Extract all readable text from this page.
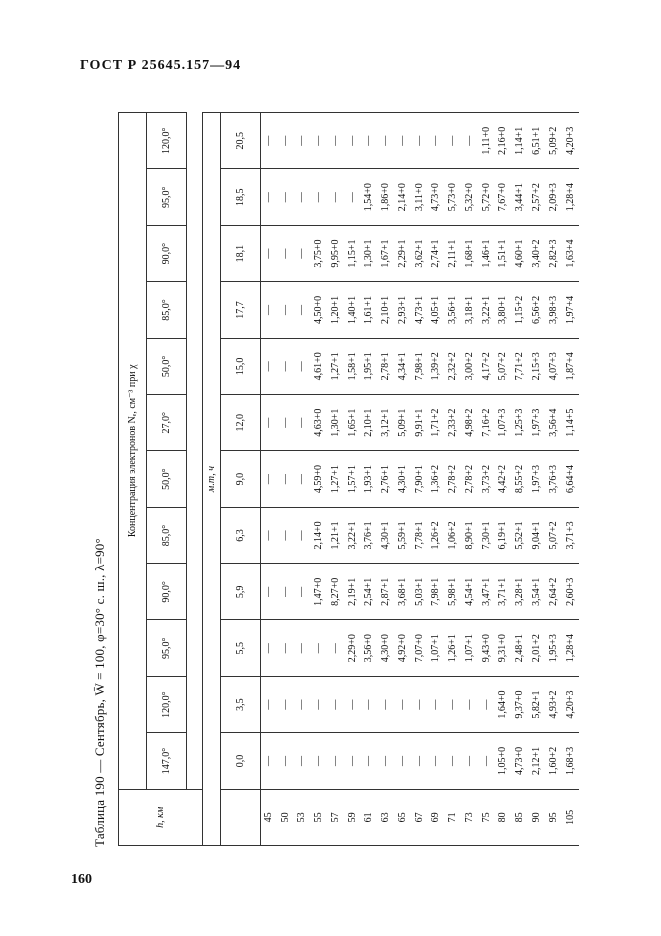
ГОСТ Р 25645.157—94
Таблица 190 — Сентябрь, W̄ = 100, φ=30° с. ш., λ=90°	h, км	Концентрация электронов Nₑ, см⁻³ при χ											
	147,0°	120,0°	95,0°	90,0°	85,0°	50,0°	27,0°	50,0°	85,0°	90,0°	95,0°	120,0°

м.т, ч												
	0,0	3,5	5,5	5,9	6,3	9,0	12,0	15,0	17,7	18,1	18,5	20,5
45	—	—	—	—	—	—	—	—	—	—	—	—
50	—	—	—	—	—	—	—	—	—	—	—	—
53	—	—	—	—	—	—	—	—	—	—	—	—
55	—	—	—	1,47+0	2,14+0	4,59+0	4,63+0	4,61+0	4,50+0	3,75+0	—	—
57	—	—	—	8,27+0	1,21+1	1,27+1	1,30+1	1,27+1	1,20+1	9,95+0	—	—
59	—	—	2,29+0	2,19+1	3,22+1	1,57+1	1,65+1	1,58+1	1,40+1	1,15+1	—	—
61	—	—	3,56+0	2,54+1	3,76+1	1,93+1	2,10+1	1,95+1	1,61+1	1,30+1	1,54+0	—
63	—	—	4,30+0	2,87+1	4,30+1	2,76+1	3,12+1	2,78+1	2,10+1	1,67+1	1,86+0	—
65	—	—	4,92+0	3,68+1	5,59+1	4,30+1	5,09+1	4,34+1	2,93+1	2,29+1	2,14+0	—
67	—	—	7,07+0	5,03+1	7,78+1	7,90+1	9,91+1	7,98+1	4,73+1	3,62+1	3,11+0	—
69	—	—	1,07+1	7,98+1	1,26+2	1,36+2	1,71+2	1,39+2	4,05+1	2,74+1	4,73+0	—
71	—	—	1,26+1	5,98+1	1,06+2	2,78+2	2,33+2	2,32+2	3,56+1	2,11+1	5,73+0	—
73	—	—	1,07+1	4,54+1	8,90+1	2,78+2	4,98+2	3,00+2	3,18+1	1,68+1	5,32+0	—
75	—	—	9,43+0	3,47+1	7,30+1	3,73+2	7,16+2	4,17+2	3,22+1	1,46+1	5,72+0	1,11+0
80	1,05+0	1,64+0	9,31+0	3,71+1	6,19+1	4,42+2	1,07+3	5,07+2	3,80+1	1,51+1	7,67+0	2,16+0
85	4,73+0	9,37+0	2,48+1	3,28+1	5,52+1	8,55+2	1,25+3	7,71+2	1,15+2	4,60+1	3,44+1	1,14+1
90	2,12+1	5,82+1	2,01+2	3,54+1	9,04+1	1,97+3	1,97+3	2,15+3	6,56+2	3,40+2	2,57+2	6,51+1
95	1,60+2	4,93+2	1,95+3	2,64+2	5,07+2	3,76+3	3,56+4	4,07+3	3,98+3	2,82+3	2,09+3	5,09+2
105	1,68+3	4,20+3	1,28+4	2,60+3	3,71+3	6,64+4	1,14+5	1,87+4	1,97+4	1,63+4	1,28+4	4,20+3
160
